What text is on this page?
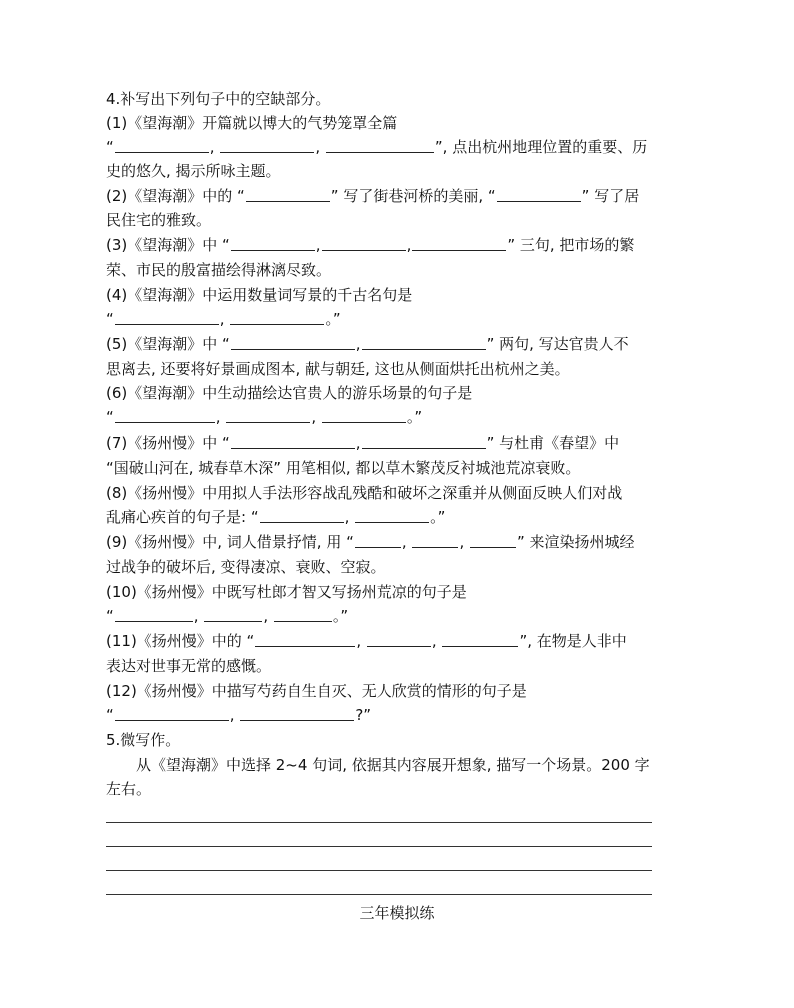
4.补写出下列句子中的空缺部分。

(1)《望海潮》开篇就以博大的气势笼罩全篇

“	,	,	”, 点出杭州地理位置的重要、历

史的悠久, 揭示所咏主题。

(2)《望海潮》中的 “	” 写了街巷河桥的美丽, “	” 写了居

民住宅的雅致。

(3)《望海潮》中 “	,	,	” 三句, 把市场的繁

荣、市民的殷富描绘得淋漓尽致。

(4)《望海潮》中运用数量词写景的千古名句是

“	,	。”

(5)《望海潮》中 “	,	” 两句, 写达官贵人不

思离去, 还要将好景画成图本, 献与朝廷, 这也从侧面烘托出杭州之美。

(6)《望海潮》中生动描绘达官贵人的游乐场景的句子是

“	,	,	。”

(7)《扬州慢》中 “	,	” 与杜甫《春望》中

“国破山河在, 城春草木深” 用笔相似, 都以草木繁茂反衬城池荒凉衰败。

(8)《扬州慢》中用拟人手法形容战乱残酷和破坏之深重并从侧面反映人们对战

乱痛心疾首的句子是: “	,	。”

(9)《扬州慢》中, 词人借景抒情, 用 “	,	,	” 来渲染扬州城经

过战争的破坏后, 变得凄凉、衰败、空寂。

(10)《扬州慢》中既写杜郎才智又写扬州荒凉的句子是

“	,	,	。”

(11)《扬州慢》中的 “	,	,	”, 在物是人非中

表达对世事无常的感慨。

(12)《扬州慢》中描写芍药自生自灭、无人欣赏的情形的句子是

“	,	?”

5.微写作。

从《望海潮》中选择 2~4 句词, 依据其内容展开想象, 描写一个场景。200 字

左右。

三年模拟练
